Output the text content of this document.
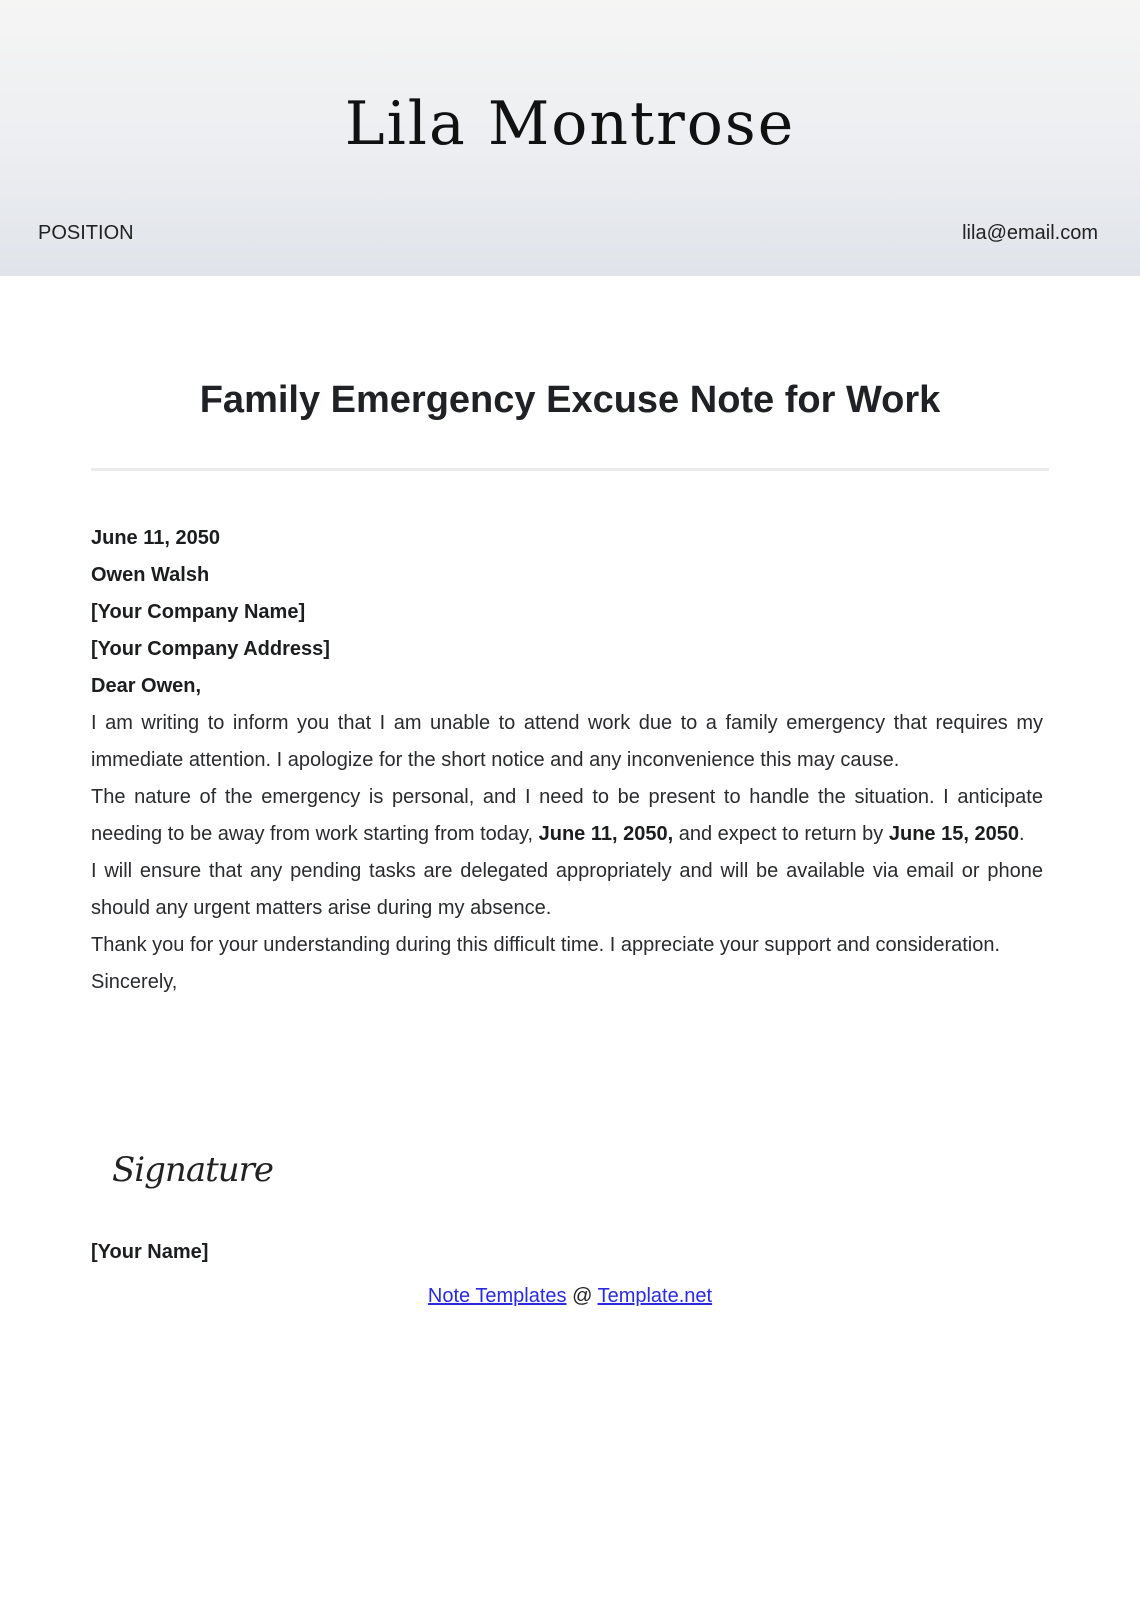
Lila Montrose
POSITION	lila@email.com
Family Emergency Excuse Note for Work

June 11, 2050

Owen Walsh

[Your Company Name]

[Your Company Address]

Dear Owen,

I am writing to inform you that I am unable to attend work due to a family emergency that requires my immediate attention. I apologize for the short notice and any inconvenience this may cause.

The nature of the emergency is personal, and I need to be present to handle the situation. I anticipate needing to be away from work starting from today, June 11, 2050, and expect to return by June 15, 2050.

I will ensure that any pending tasks are delegated appropriately and will be available via email or phone should any urgent matters arise during my absence.

Thank you for your understanding during this difficult time. I appreciate your support and consideration.

Sincerely,

Signature
[Your Name]
Note Templates @ Template.net
